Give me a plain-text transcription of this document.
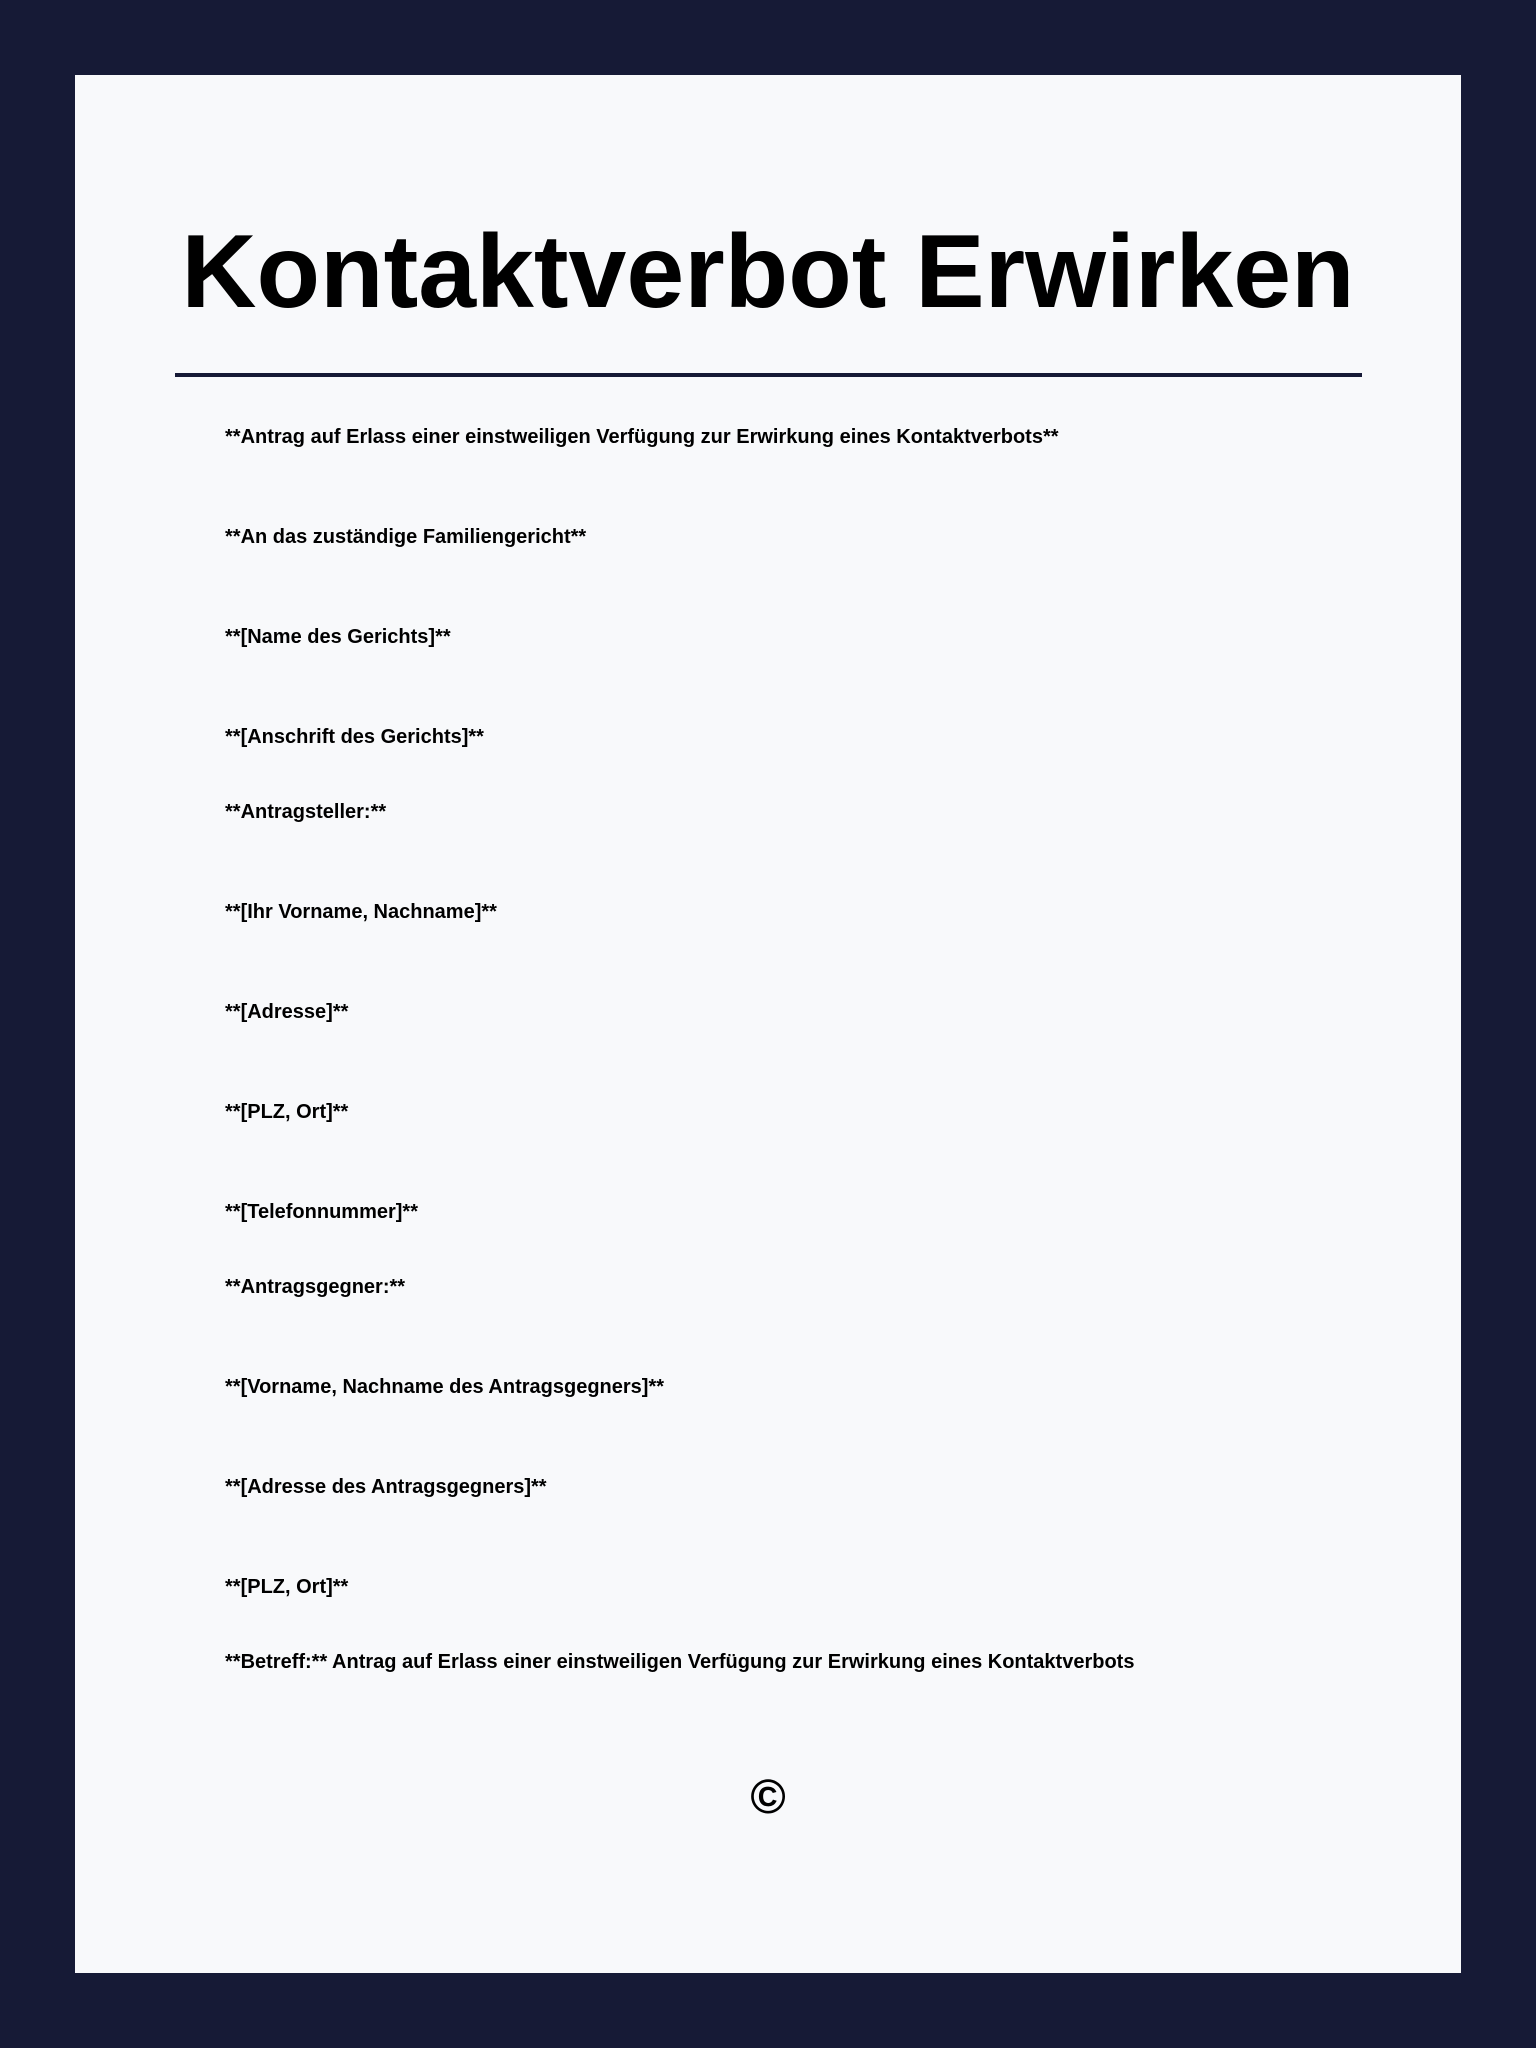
Kontaktverbot Erwirken

**Antrag auf Erlass einer einstweiligen Verfügung zur Erwirkung eines Kontaktverbots**

**An das zuständige Familiengericht**

**[Name des Gerichts]**

**[Anschrift des Gerichts]**

**Antragsteller:**

**[Ihr Vorname, Nachname]**

**[Adresse]**

**[PLZ, Ort]**

**[Telefonnummer]**

**Antragsgegner:**

**[Vorname, Nachname des Antragsgegners]**

**[Adresse des Antragsgegners]**

**[PLZ, Ort]**

**Betreff:** Antrag auf Erlass einer einstweiligen Verfügung zur Erwirkung eines Kontaktverbots

©
